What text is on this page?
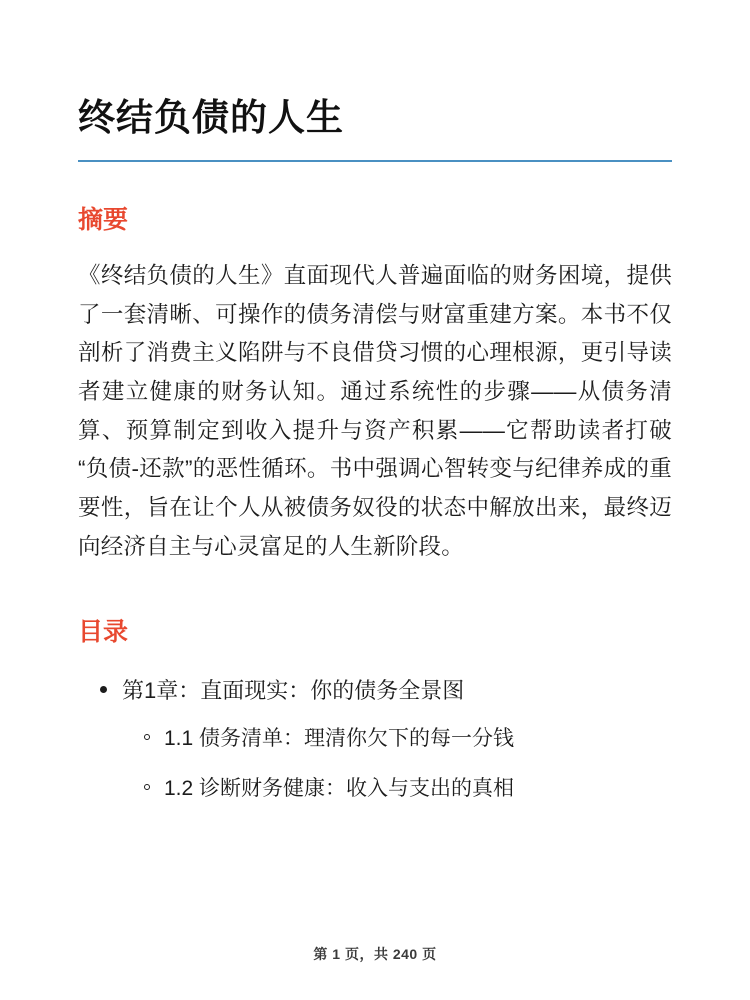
终结负债的人生
摘要

《终结负债的人生》直面现代人普遍面临的财务困境，提供了一套清晰、可操作的债务清偿与财富重建方案。本书不仅剖析了消费主义陷阱与不良借贷习惯的心理根源，更引导读者建立健康的财务认知。通过系统性的步骤——从债务清算、预算制定到收入提升与资产积累——它帮助读者打破“负债-还款”的恶性循环。书中强调心智转变与纪律养成的重要性，旨在让个人从被债务奴役的状态中解放出来，最终迈向经济自主与心灵富足的人生新阶段。

目录
第1章：直面现实：你的债务全景图
1.1 债务清单：理清你欠下的每一分钱
1.2 诊断财务健康：收入与支出的真相
第 1 页，共 240 页
